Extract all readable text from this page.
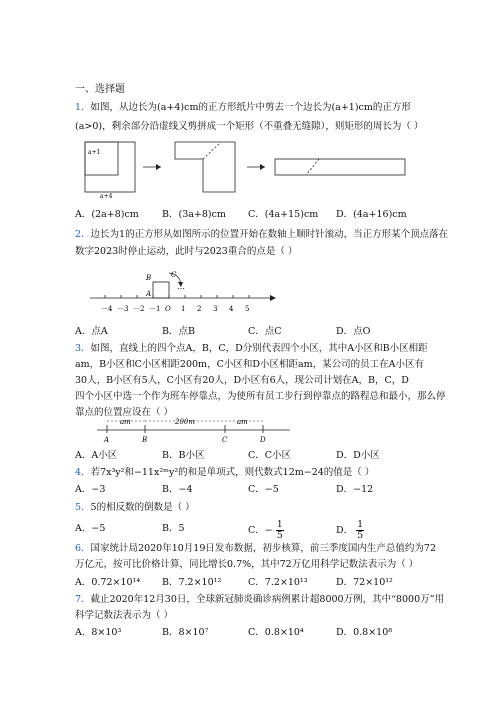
一、选择题
1．如图，从边长为(a+4)cm的正方形纸片中剪去一个边长为(a+1)cm的正方形
(a>0)，剩余部分沿虚线又剪拼成一个矩形（不重叠无缝隙），则矩形的周长为（ ）
a+1
a+4
A．(2a+8)cm B．(3a+8)cm C．(4a+15)cm D．(4a+16)cm
2．边长为1的正方形从如图所示的位置开始在数轴上顺时针滚动，当正方形某个顶点落在
数字2023时停止运动，此时与2023重合的点是（ ）
B	C
A
…
－4 －3 －2 －1 O 1 2 3 4 5
A．点A	B．点B	C．点C	D．点O
3．如图，直线上的四个点A，B，C，D分别代表四个小区，其中A小区和B小区相距
am，B小区和C小区相距200m，C小区和D小区相距am，某公司的员工在A小区有
30人，B小区有5人，C小区有20人，D小区有6人，现公司计划在A，B，C，D
四个小区中选一个作为班车停靠点，为使所有员工步行到停靠点的路程总和最小，那么停
靠点的位置应设在（ ）
am	200m	am
A	B	C	D
A．A小区	B．B小区	C．C小区	D．D小区
4．若7x³y²和−11x²ᵐy²的和是单项式，则代数式12m−24的值是（ ）
A．−3	B．−4	C．−5	D．−12
5．5的相反数的倒数是（ ）
A．−5	B．5	C．− $\frac{1}{5}$	D． $\frac{1}{5}$
6．国家统计局2020年10月19日发布数据，初步核算，前三季度国内生产总值约为72
万亿元，按可比价格计算，同比增长0.7%，其中72万亿用科学记数法表示为（ ）
A．0.72×10¹⁴ B．7.2×10¹²	C．7.2×10¹³	D．72×10¹²
7．截止2020年12月30日，全球新冠肺炎确诊病例累计超8000万例，其中“8000万”用
科学记数法表示为（ ）
A．8×10³	B．8×10⁷	C．0.8×10⁴	D．0.8×10⁸
